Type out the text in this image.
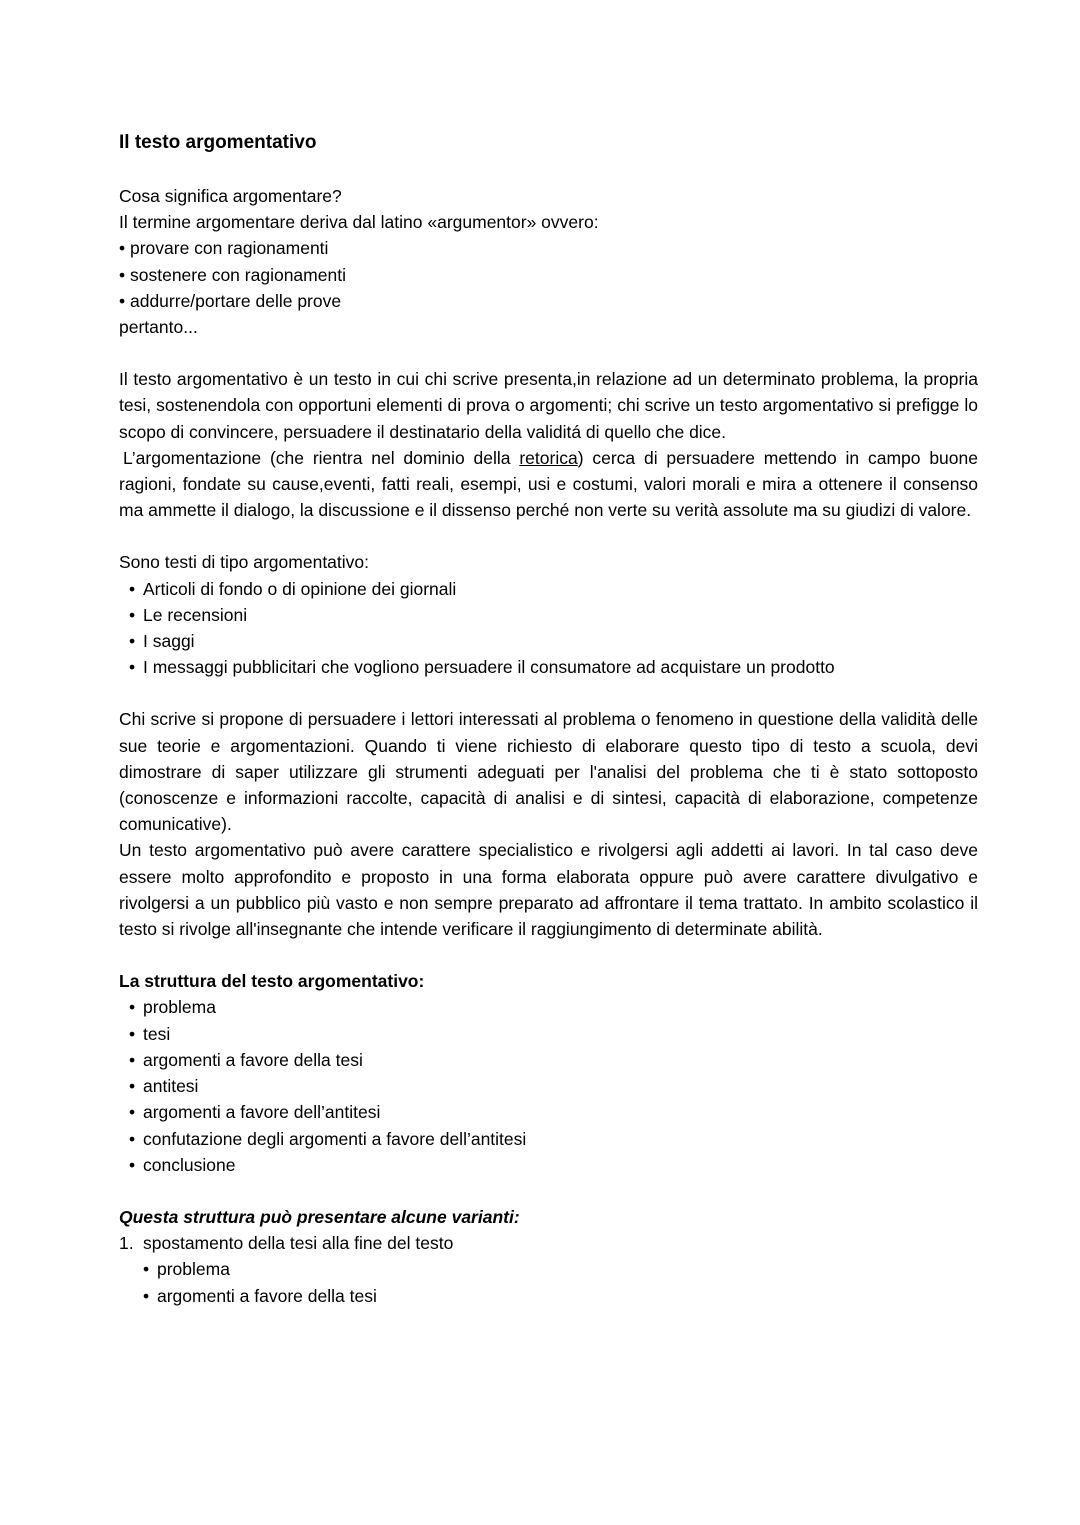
Il testo argomentativo

Cosa significa argomentare?

Il termine argomentare deriva dal latino «argumentor» ovvero:

• provare con ragionamenti

• sostenere con ragionamenti

• addurre/portare delle prove

pertanto...

Il testo argomentativo è un testo in cui chi scrive presenta,in relazione ad un determinato problema, la propria tesi, sostenendola con opportuni elementi di prova o argomenti; chi scrive un testo argomentativo si prefigge lo scopo di convincere, persuadere il destinatario della validitá di quello che dice.

L’argomentazione (che rientra nel dominio della retorica) cerca di persuadere mettendo in campo buone ragioni, fondate su cause,eventi, fatti reali, esempi, usi e costumi, valori morali e mira a ottenere il consenso ma ammette il dialogo, la discussione e il dissenso perché non verte su verità assolute ma su giudizi di valore.

Sono testi di tipo argomentativo:

• Articoli di fondo o di opinione dei giornali
• Le recensioni
• I saggi
• I messaggi pubblicitari che vogliono persuadere il consumatore ad acquistare un prodotto

Chi scrive si propone di persuadere i lettori interessati al problema o fenomeno in questione della validità delle sue teorie e argomentazioni. Quando ti viene richiesto di elaborare questo tipo di testo a scuola, devi dimostrare di saper utilizzare gli strumenti adeguati per l'analisi del problema che ti è stato sottoposto (conoscenze e informazioni raccolte, capacità di analisi e di sintesi, capacità di elaborazione, competenze comunicative).

Un testo argomentativo può avere carattere specialistico e rivolgersi agli addetti ai lavori. In tal caso deve essere molto approfondito e proposto in una forma elaborata oppure può avere carattere divulgativo e rivolgersi a un pubblico più vasto e non sempre preparato ad affrontare il tema trattato. In ambito scolastico il testo si rivolge all'insegnante che intende verificare il raggiungimento di determinate abilità.

La struttura del testo argomentativo:

• problema
• tesi
• argomenti a favore della tesi
• antitesi
• argomenti a favore dell’antitesi
• confutazione degli argomenti a favore dell’antitesi
• conclusione

Questa struttura può presentare alcune varianti:

1. spostamento della tesi alla fine del testo
• problema
• argomenti a favore della tesi
